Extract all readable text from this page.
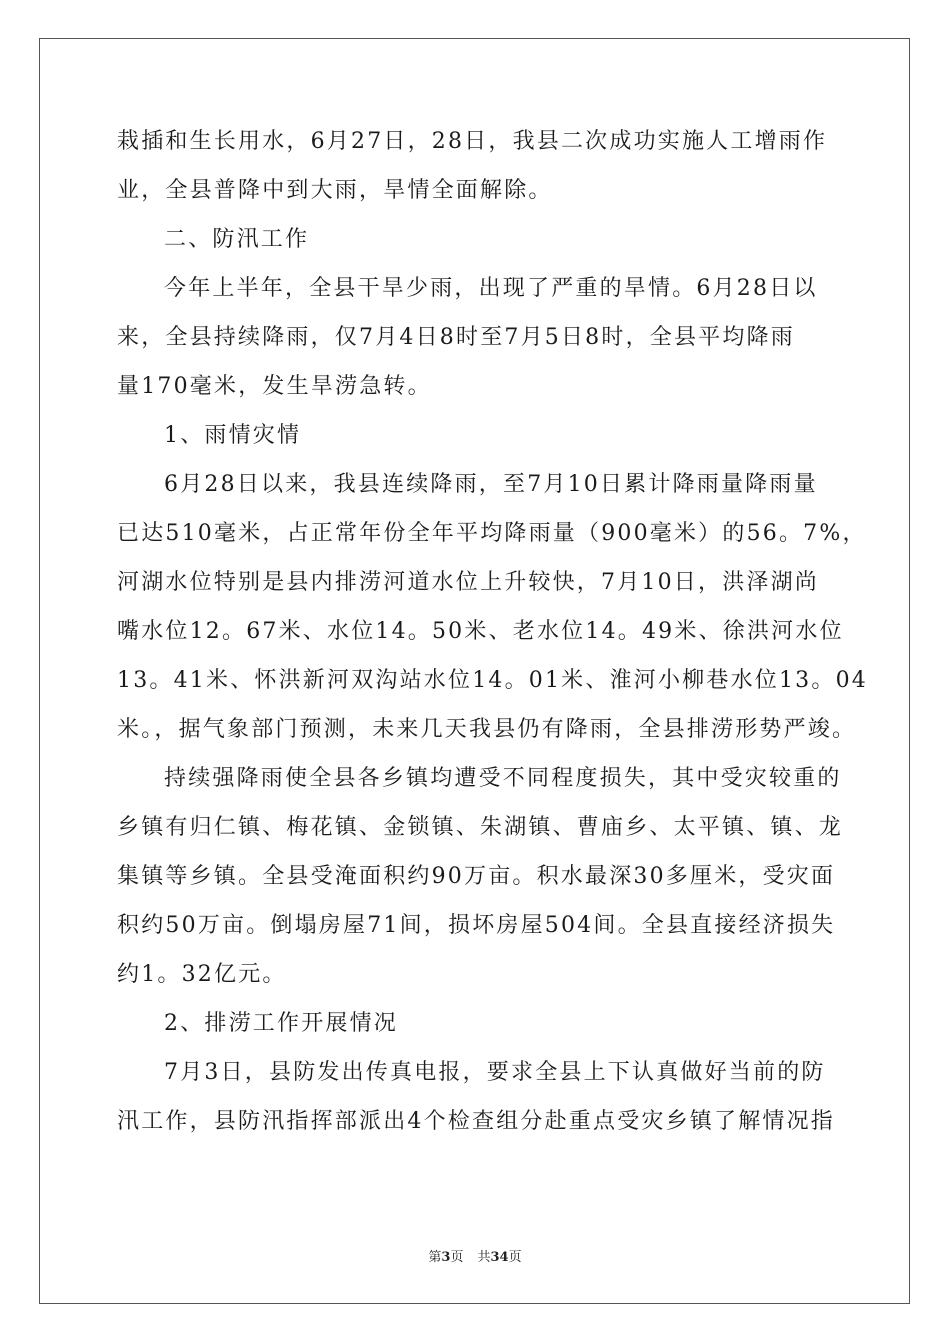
栽插和生长用水，6月27日，28日，我县二次成功实施人工增雨作
业，全县普降中到大雨，旱情全面解除。
二、防汛工作
今年上半年，全县干旱少雨，出现了严重的旱情。6月28日以
来，全县持续降雨，仅7月4日8时至7月5日8时，全县平均降雨
量170毫米，发生旱涝急转。
1、雨情灾情
6月28日以来，我县连续降雨，至7月10日累计降雨量降雨量
已达510毫米，占正常年份全年平均降雨量（900毫米）的56。7%，
河湖水位特别是县内排涝河道水位上升较快，7月10日，洪泽湖尚
嘴水位12。67米、水位14。50米、老水位14。49米、徐洪河水位
13。41米、怀洪新河双沟站水位14。01米、淮河小柳巷水位13。04
米。，据气象部门预测，未来几天我县仍有降雨，全县排涝形势严竣。
持续强降雨使全县各乡镇均遭受不同程度损失，其中受灾较重的
乡镇有归仁镇、梅花镇、金锁镇、朱湖镇、曹庙乡、太平镇、镇、龙
集镇等乡镇。全县受淹面积约90万亩。积水最深30多厘米，受灾面
积约50万亩。倒塌房屋71间，损坏房屋504间。全县直接经济损失
约1。32亿元。
2、排涝工作开展情况
7月3日，县防发出传真电报，要求全县上下认真做好当前的防
汛工作，县防汛指挥部派出4个检查组分赴重点受灾乡镇了解情况指
第3页 共34页
